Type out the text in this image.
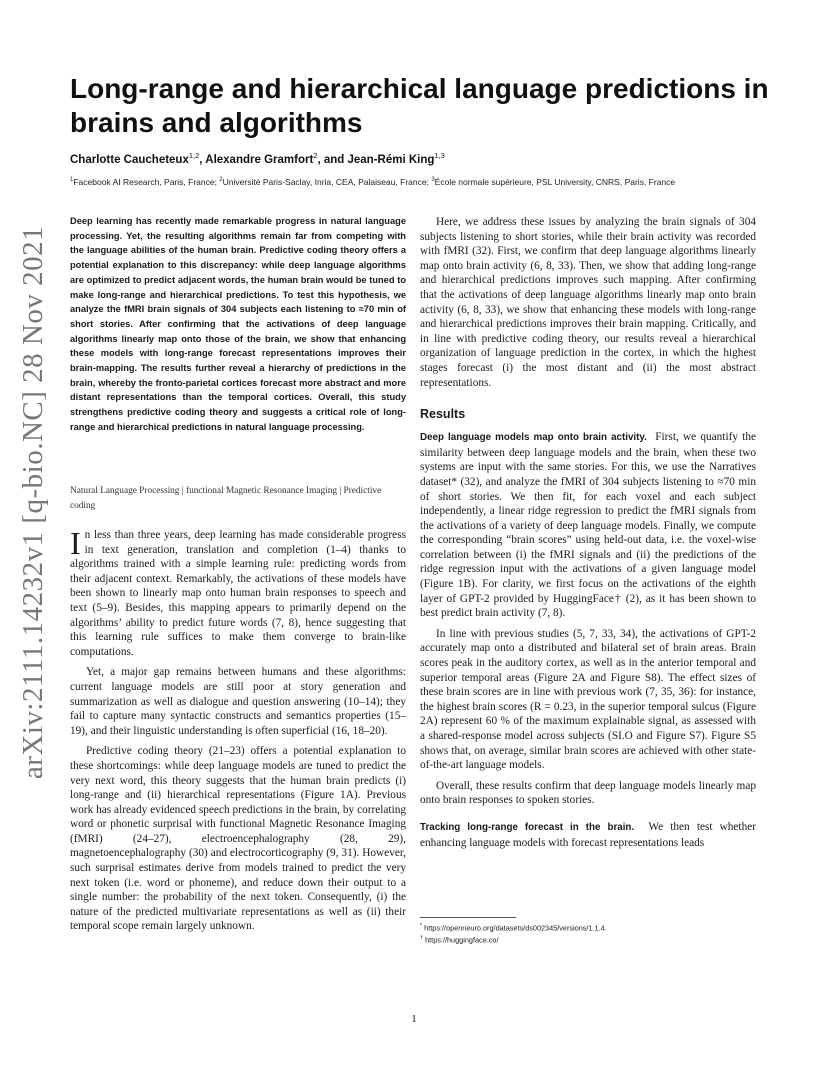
arXiv:2111.14232v1 [q-bio.NC] 28 Nov 2021
Long-range and hierarchical language predictions in brains and algorithms
Charlotte Caucheteux$^{1,2}$, Alexandre Gramfort$^2$, and Jean-Rémi King$^{1,3}$
$^1$Facebook AI Research, Paris, France; $^2$Université Paris-Saclay, Inria, CEA, Palaiseau, France; $^3$École normale supérieure, PSL University, CNRS, Paris, France

Deep learning has recently made remarkable progress in natural language processing. Yet, the resulting algorithms remain far from competing with the language abilities of the human brain. Predictive coding theory offers a potential explanation to this discrepancy: while deep language algorithms are optimized to predict adjacent words, the human brain would be tuned to make long-range and hierarchical predictions. To test this hypothesis, we analyze the fMRI brain signals of 304 subjects each listening to ≈70 min of short stories. After confirming that the activations of deep language algorithms linearly map onto those of the brain, we show that enhancing these models with long-range forecast representations improves their brain-mapping. The results further reveal a hierarchy of predictions in the brain, whereby the fronto-parietal cortices forecast more abstract and more distant representations than the temporal cortices. Overall, this study strengthens predictive coding theory and suggests a critical role of long-range and hierarchical predictions in natural language processing.

Natural Language Processing | functional Magnetic Resonance Imaging | Predictive coding

In less than three years, deep learning has made considerable progress in text generation, translation and completion (1–4) thanks to algorithms trained with a simple learning rule: predicting words from their adjacent context. Remarkably, the activations of these models have been shown to linearly map onto human brain responses to speech and text (5–9). Besides, this mapping appears to primarily depend on the algorithms’ ability to predict future words (7, 8), hence suggesting that this learning rule suffices to make them converge to brain-like computations.

Yet, a major gap remains between humans and these algorithms: current language models are still poor at story generation and summarization as well as dialogue and question answering (10–14); they fail to capture many syntactic constructs and semantics properties (15–19), and their linguistic understanding is often superficial (16, 18–20).

Predictive coding theory (21–23) offers a potential explanation to these shortcomings: while deep language models are tuned to predict the very next word, this theory suggests that the human brain predicts (i) long-range and (ii) hierarchical representations (Figure 1A). Previous work has already evidenced speech predictions in the brain, by correlating word or phonetic surprisal with functional Magnetic Resonance Imaging (fMRI) (24–27), electroencephalography (28, 29), magnetoencephalography (30) and electrocorticography (9, 31). However, such surprisal estimates derive from models trained to predict the very next token (i.e. word or phoneme), and reduce down their output to a single number: the probability of the next token. Consequently, (i) the nature of the predicted multivariate representations as well as (ii) their temporal scope remain largely unknown.

Here, we address these issues by analyzing the brain signals of 304 subjects listening to short stories, while their brain activity was recorded with fMRI (32). First, we confirm that deep language algorithms linearly map onto brain activity (6, 8, 33). Then, we show that adding long-range and hierarchical predictions improves such mapping. After confirming that the activations of deep language algorithms linearly map onto brain activity (6, 8, 33), we show that enhancing these models with long-range and hierarchical predictions improves their brain mapping. Critically, and in line with predictive coding theory, our results reveal a hierarchical organization of language prediction in the cortex, in which the highest stages forecast (i) the most distant and (ii) the most abstract representations.

Results

Deep language models map onto brain activity. First, we quantify the similarity between deep language models and the brain, when these two systems are input with the same stories. For this, we use the Narratives dataset* (32), and analyze the fMRI of 304 subjects listening to ≈70 min of short stories. We then fit, for each voxel and each subject independently, a linear ridge regression to predict the fMRI signals from the activations of a variety of deep language models. Finally, we compute the corresponding “brain scores” using held-out data, i.e. the voxel-wise correlation between (i) the fMRI signals and (ii) the predictions of the ridge regression input with the activations of a given language model (Figure 1B). For clarity, we first focus on the activations of the eighth layer of GPT-2 provided by HuggingFace† (2), as it has been shown to best predict brain activity (7, 8).

In line with previous studies (5, 7, 33, 34), the activations of GPT-2 accurately map onto a distributed and bilateral set of brain areas. Brain scores peak in the auditory cortex, as well as in the anterior temporal and superior temporal areas (Figure 2A and Figure S8). The effect sizes of these brain scores are in line with previous work (7, 35, 36): for instance, the highest brain scores (R = 0.23, in the superior temporal sulcus (Figure 2A) represent 60 % of the maximum explainable signal, as assessed with a shared-response model across subjects (SI.O and Figure S7). Figure S5 shows that, on average, similar brain scores are achieved with other state-of-the-art language models.

Overall, these results confirm that deep language models linearly map onto brain responses to spoken stories.

Tracking long-range forecast in the brain. We then test whether enhancing language models with forecast representations leads

* https://openneuro.org/datasets/ds002345/versions/1.1.4.
† https://huggingface.co/
1
